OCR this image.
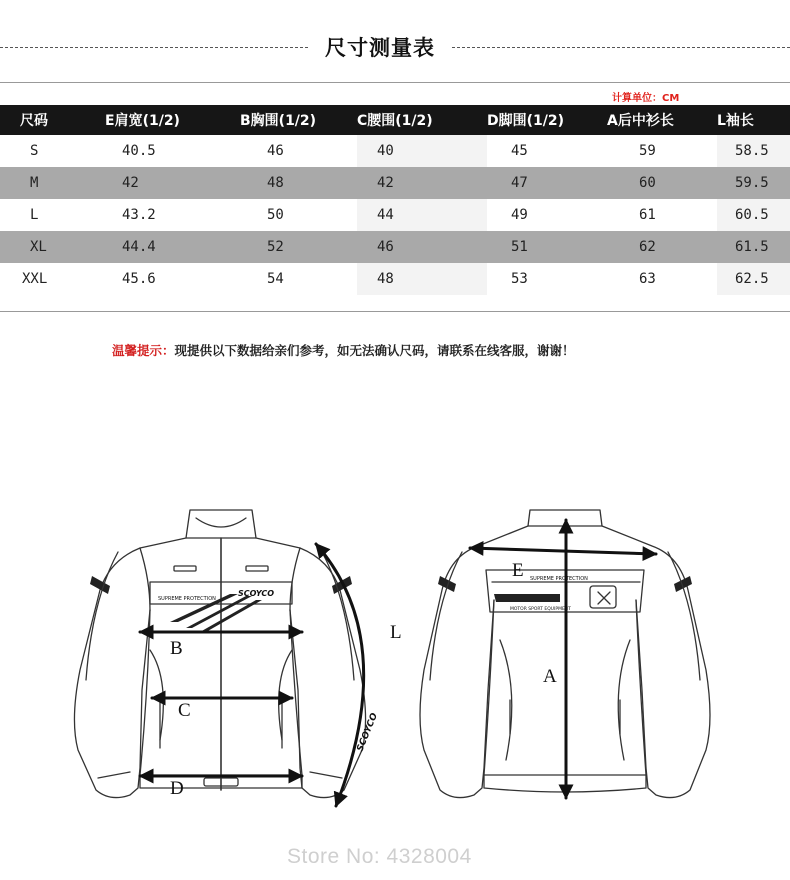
尺寸测量表
计算单位：CM
尺码	E肩宽(1/2)	B胸围(1/2)	C腰围(1/2)	D脚围(1/2)	A后中衫长	L袖长
S	40.5	46	40	45	59	58.5
M	42	48	42	47	60	59.5
L	43.2	50	44	49	61	60.5
XL	44.4	52	46	51	62	61.5
XXL	45.6	54	48	53	63	62.5
温馨提示：现提供以下数据给亲们参考，如无法确认尺码，请联系在线客服，谢谢！
B
C
D
L
E
A
SUPREME PROTECTION
SCOYCO
SUPREME PROTECTION
MOTOR SPORT EQUIPMENT
SCOYCO
Store No: 4328004
